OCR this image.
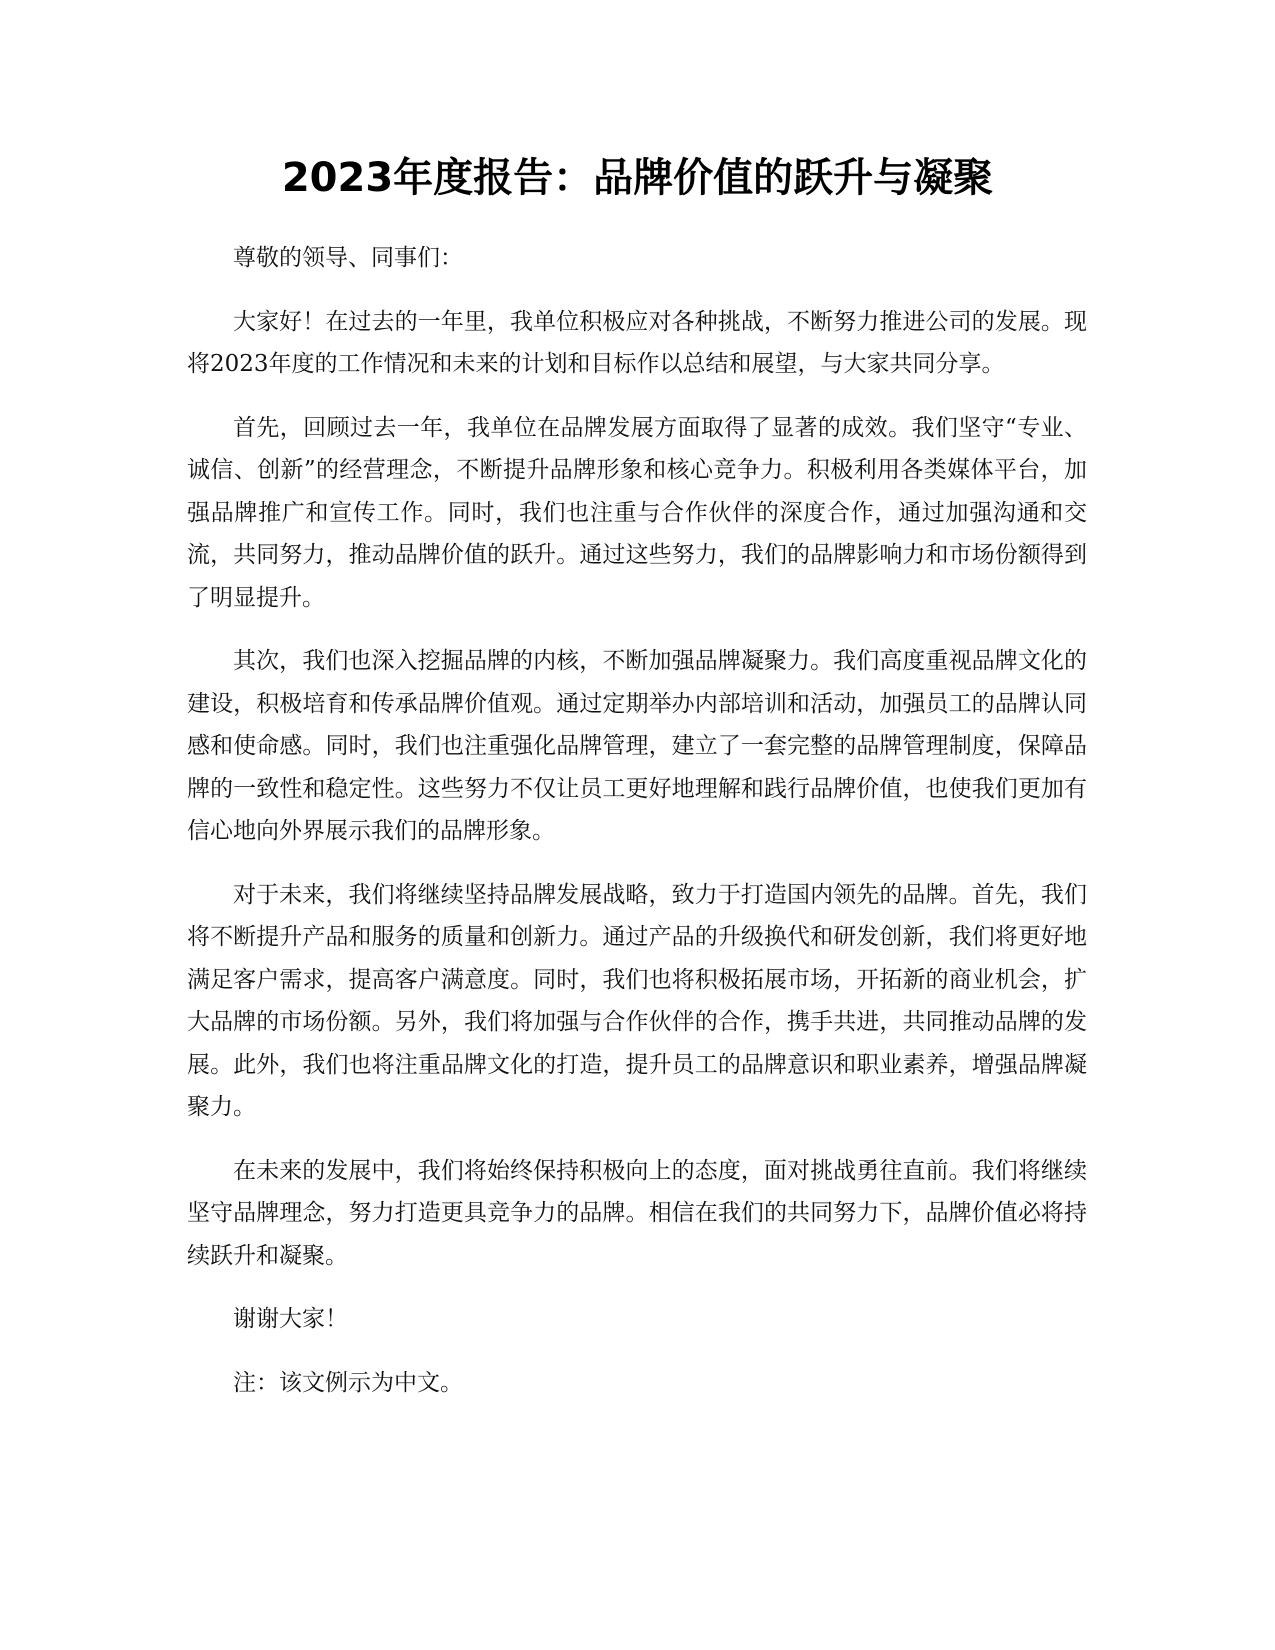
2023年度报告：品牌价值的跃升与凝聚

尊敬的领导、同事们：

大家好！在过去的一年里，我单位积极应对各种挑战，不断努力推进公司的发展。现将2023年度的工作情况和未来的计划和目标作以总结和展望，与大家共同分享。

首先，回顾过去一年，我单位在品牌发展方面取得了显著的成效。我们坚守“专业、诚信、创新”的经营理念，不断提升品牌形象和核心竞争力。积极利用各类媒体平台，加强品牌推广和宣传工作。同时，我们也注重与合作伙伴的深度合作，通过加强沟通和交流，共同努力，推动品牌价值的跃升。通过这些努力，我们的品牌影响力和市场份额得到了明显提升。

其次，我们也深入挖掘品牌的内核，不断加强品牌凝聚力。我们高度重视品牌文化的建设，积极培育和传承品牌价值观。通过定期举办内部培训和活动，加强员工的品牌认同感和使命感。同时，我们也注重强化品牌管理，建立了一套完整的品牌管理制度，保障品牌的一致性和稳定性。这些努力不仅让员工更好地理解和践行品牌价值，也使我们更加有信心地向外界展示我们的品牌形象。

对于未来，我们将继续坚持品牌发展战略，致力于打造国内领先的品牌。首先，我们将不断提升产品和服务的质量和创新力。通过产品的升级换代和研发创新，我们将更好地满足客户需求，提高客户满意度。同时，我们也将积极拓展市场，开拓新的商业机会，扩大品牌的市场份额。另外，我们将加强与合作伙伴的合作，携手共进，共同推动品牌的发展。此外，我们也将注重品牌文化的打造，提升员工的品牌意识和职业素养，增强品牌凝聚力。

在未来的发展中，我们将始终保持积极向上的态度，面对挑战勇往直前。我们将继续坚守品牌理念，努力打造更具竞争力的品牌。相信在我们的共同努力下，品牌价值必将持续跃升和凝聚。

谢谢大家！

注：该文例示为中文。
